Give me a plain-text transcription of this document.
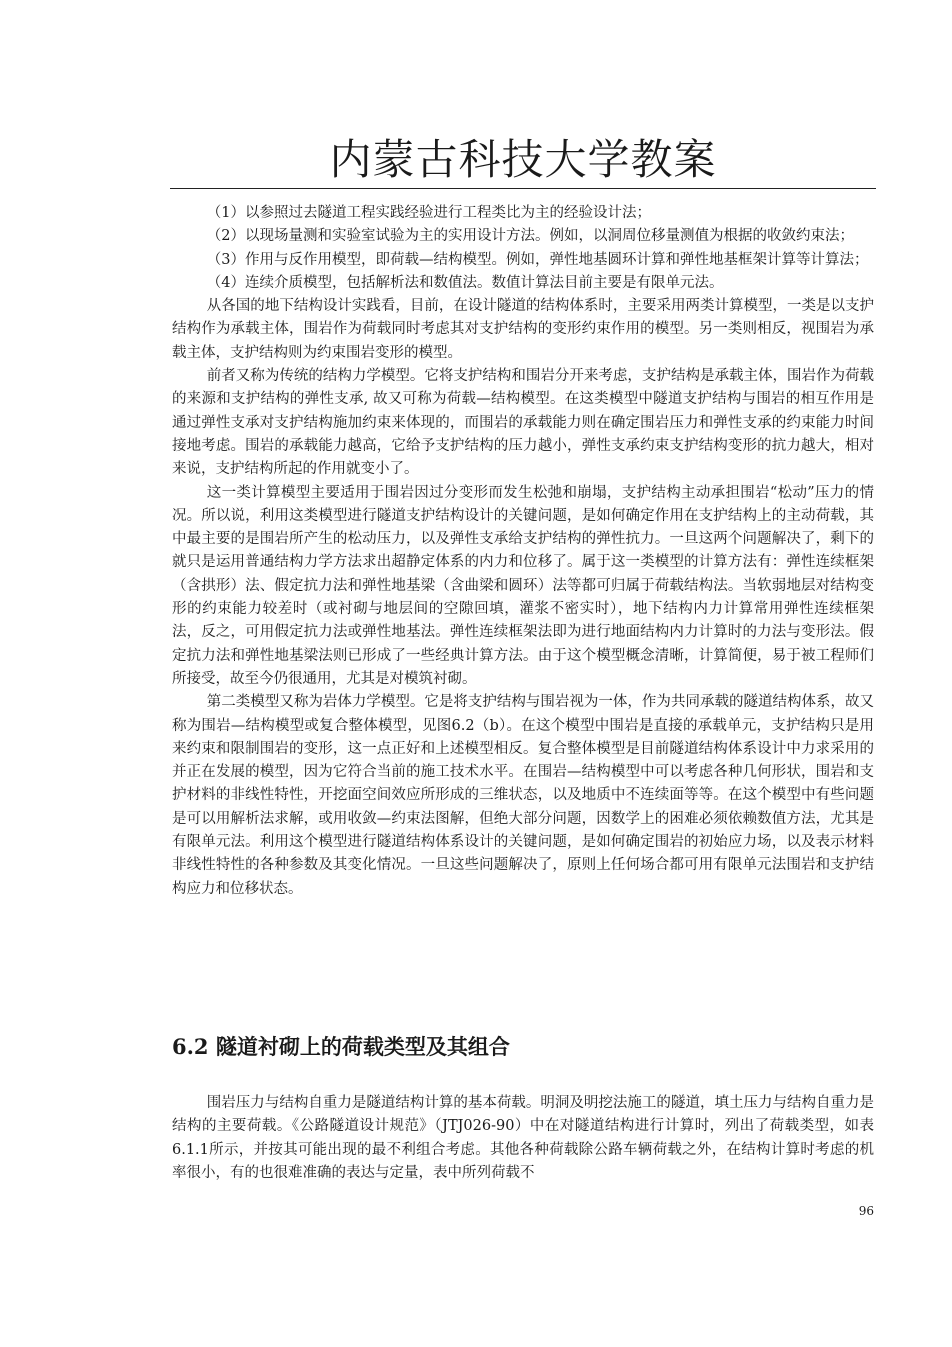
内蒙古科技大学教案

（1）以参照过去隧道工程实践经验进行工程类比为主的经验设计法；

（2）以现场量测和实验室试验为主的实用设计方法。例如，以洞周位移量测值为根据的收敛约束法；

（3）作用与反作用模型，即荷载—结构模型。例如，弹性地基圆环计算和弹性地基框架计算等计算法；

（4）连续介质模型，包括解析法和数值法。数值计算法目前主要是有限单元法。

从各国的地下结构设计实践看，目前，在设计隧道的结构体系时，主要采用两类计算模型，一类是以支护结构作为承载主体，围岩作为荷载同时考虑其对支护结构的变形约束作用的模型。另一类则相反，视围岩为承载主体，支护结构则为约束围岩变形的模型。

前者又称为传统的结构力学模型。它将支护结构和围岩分开来考虑，支护结构是承载主体，围岩作为荷载的来源和支护结构的弹性支承, 故又可称为荷载—结构模型。在这类模型中隧道支护结构与围岩的相互作用是通过弹性支承对支护结构施加约束来体现的，而围岩的承载能力则在确定围岩压力和弹性支承的约束能力时间接地考虑。围岩的承载能力越高，它给予支护结构的压力越小，弹性支承约束支护结构变形的抗力越大，相对来说，支护结构所起的作用就变小了。

这一类计算模型主要适用于围岩因过分变形而发生松弛和崩塌，支护结构主动承担围岩“松动”压力的情况。所以说，利用这类模型进行隧道支护结构设计的关键问题，是如何确定作用在支护结构上的主动荷载，其中最主要的是围岩所产生的松动压力，以及弹性支承给支护结构的弹性抗力。一旦这两个问题解决了，剩下的就只是运用普通结构力学方法求出超静定体系的内力和位移了。属于这一类模型的计算方法有：弹性连续框架（含拱形）法、假定抗力法和弹性地基梁（含曲梁和圆环）法等都可归属于荷载结构法。当软弱地层对结构变形的约束能力较差时（或衬砌与地层间的空隙回填，灌浆不密实时），地下结构内力计算常用弹性连续框架法，反之，可用假定抗力法或弹性地基法。弹性连续框架法即为进行地面结构内力计算时的力法与变形法。假定抗力法和弹性地基梁法则已形成了一些经典计算方法。由于这个模型概念清晰，计算简便，易于被工程师们所接受，故至今仍很通用，尤其是对模筑衬砌。

第二类模型又称为岩体力学模型。它是将支护结构与围岩视为一体，作为共同承载的隧道结构体系，故又称为围岩—结构模型或复合整体模型，见图6.2（b）。在这个模型中围岩是直接的承载单元，支护结构只是用来约束和限制围岩的变形，这一点正好和上述模型相反。复合整体模型是目前隧道结构体系设计中力求采用的并正在发展的模型，因为它符合当前的施工技术水平。在围岩—结构模型中可以考虑各种几何形状，围岩和支护材料的非线性特性，开挖面空间效应所形成的三维状态，以及地质中不连续面等等。在这个模型中有些问题是可以用解析法求解，或用收敛—约束法图解，但绝大部分问题，因数学上的困难必须依赖数值方法，尤其是有限单元法。利用这个模型进行隧道结构体系设计的关键问题，是如何确定围岩的初始应力场，以及表示材料非线性特性的各种参数及其变化情况。一旦这些问题解决了，原则上任何场合都可用有限单元法围岩和支护结构应力和位移状态。

6.2 隧道衬砌上的荷载类型及其组合

围岩压力与结构自重力是隧道结构计算的基本荷载。明洞及明挖法施工的隧道，填土压力与结构自重力是结构的主要荷载。《公路隧道设计规范》（JTJ026-90）中在对隧道结构进行计算时，列出了荷载类型，如表6.1.1所示，并按其可能出现的最不利组合考虑。其他各种荷载除公路车辆荷载之外，在结构计算时考虑的机率很小，有的也很难准确的表达与定量，表中所列荷载不

96
